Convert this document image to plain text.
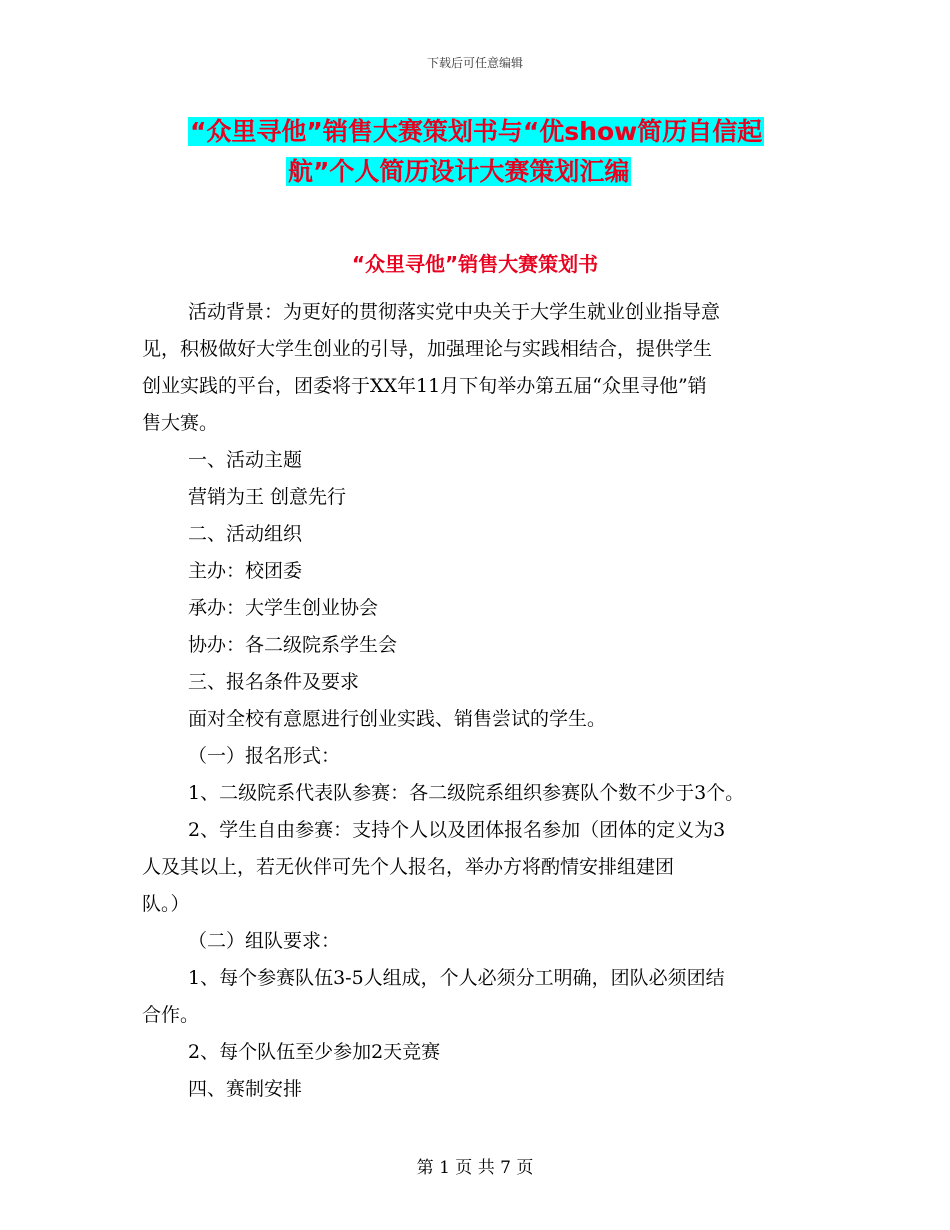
下载后可任意编辑
“众里寻他”销售大赛策划书与“优show简历自信起
航”个人简历设计大赛策划汇编
“众里寻他”销售大赛策划书

活动背景：为更好的贯彻落实党中央关于大学生就业创业指导意

见，积极做好大学生创业的引导，加强理论与实践相结合，提供学生

创业实践的平台，团委将于XX年11月下旬举办第五届“众里寻他”销

售大赛。

一、活动主题

营销为王 创意先行

二、活动组织

主办：校团委

承办：大学生创业协会

协办：各二级院系学生会

三、报名条件及要求

面对全校有意愿进行创业实践、销售尝试的学生。

（一）报名形式：

1、二级院系代表队参赛：各二级院系组织参赛队个数不少于3个。

2、学生自由参赛：支持个人以及团体报名参加（团体的定义为3

人及其以上，若无伙伴可先个人报名，举办方将酌情安排组建团

队。）

（二）组队要求：

1、每个参赛队伍3-5人组成，个人必须分工明确，团队必须团结

合作。

2、每个队伍至少参加2天竞赛

四、赛制安排

第 1 页 共 7 页
